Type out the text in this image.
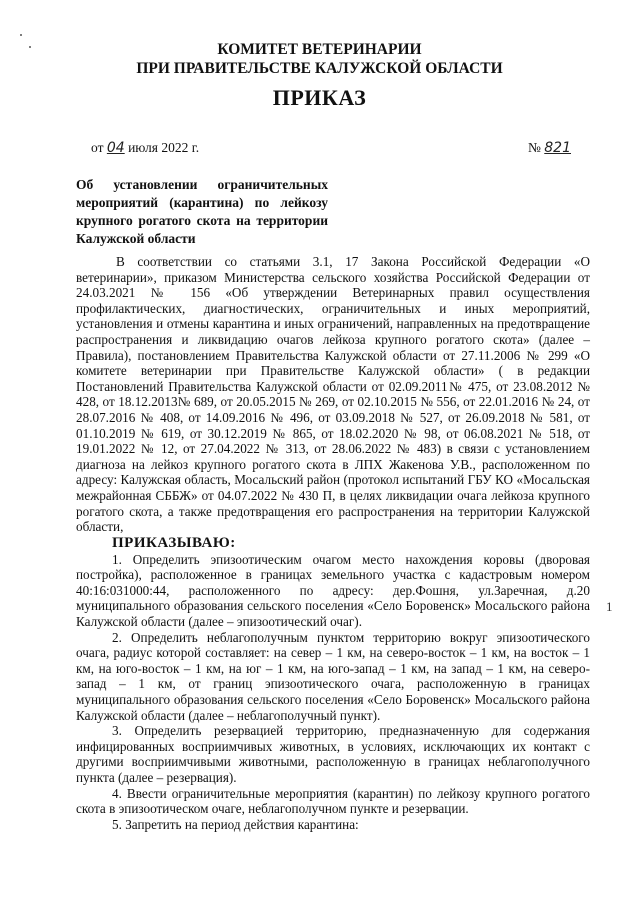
КОМИТЕТ ВЕТЕРИНАРИИ
ПРИ ПРАВИТЕЛЬСТВЕ КАЛУЖСКОЙ ОБЛАСТИ
ПРИКАЗ
от 04 июля 2022 г.	№ 821
Об установлении ограничительных мероприятий (карантина) по лейкозу крупного рогатого скота на территории Калужской области

В соответствии со статьями 3.1, 17 Закона Российской Федерации «О ветеринарии», приказом Министерства сельского хозяйства Российской Федерации от 24.03.2021 № 156 «Об утверждении Ветеринарных правил осуществления профилактических, диагностических, ограничительных и иных мероприятий, установления и отмены карантина и иных ограничений, направленных на предотвращение распространения и ликвидацию очагов лейкоза крупного рогатого скота» (далее – Правила), постановлением Правительства Калужской области от 27.11.2006 № 299 «О комитете ветеринарии при Правительстве Калужской области» ( в редакции Постановлений Правительства Калужской области от 02.09.2011№ 475, от 23.08.2012 № 428, от 18.12.2013№ 689, от 20.05.2015 № 269, от 02.10.2015 № 556, от 22.01.2016 № 24, от 28.07.2016 № 408, от 14.09.2016 № 496, от 03.09.2018 № 527, от 26.09.2018 № 581, от 01.10.2019 № 619, от 30.12.2019 № 865, от 18.02.2020 № 98, от 06.08.2021 № 518, от 19.01.2022 № 12, от 27.04.2022 № 313, от 28.06.2022 № 483) в связи с установлением диагноза на лейкоз крупного рогатого скота в ЛПХ Жакенова У.В., расположенном по адресу: Калужская область, Мосальский район (протокол испытаний ГБУ КО «Мосальская межрайонная СББЖ» от 04.07.2022 № 430 П, в целях ликвидации очага лейкоза крупного рогатого скота, а также предотвращения его распространения на территории Калужской области,

ПРИКАЗЫВАЮ:

1. Определить эпизоотическим очагом место нахождения коровы (дворовая постройка), расположенное в границах земельного участка с кадастровым номером 40:16:031000:44, расположенного по адресу: дер.Фошня, ул.Заречная, д.20 муниципального образования сельского поселения «Село Боровенск» Мосальского района Калужской области (далее – эпизоотический очаг).

2. Определить неблагополучным пунктом территорию вокруг эпизоотического очага, радиус которой составляет: на север – 1 км, на северо-восток – 1 км, на восток – 1 км, на юго-восток – 1 км, на юг – 1 км, на юго-запад – 1 км, на запад – 1 км, на северо-запад – 1 км, от границ эпизоотического очага, расположенную в границах муниципального образования сельского поселения «Село Боровенск» Мосальского района Калужской области (далее – неблагополучный пункт).

3. Определить резервацией территорию, предназначенную для содержания инфицированных восприимчивых животных, в условиях, исключающих их контакт с другими восприимчивыми животными, расположенную в границах неблагополучного пункта (далее – резервация).

4. Ввести ограничительные мероприятия (карантин) по лейкозу крупного рогатого скота в эпизоотическом очаге, неблагополучном пункте и резервации.

5. Запретить на период действия карантина:

1
